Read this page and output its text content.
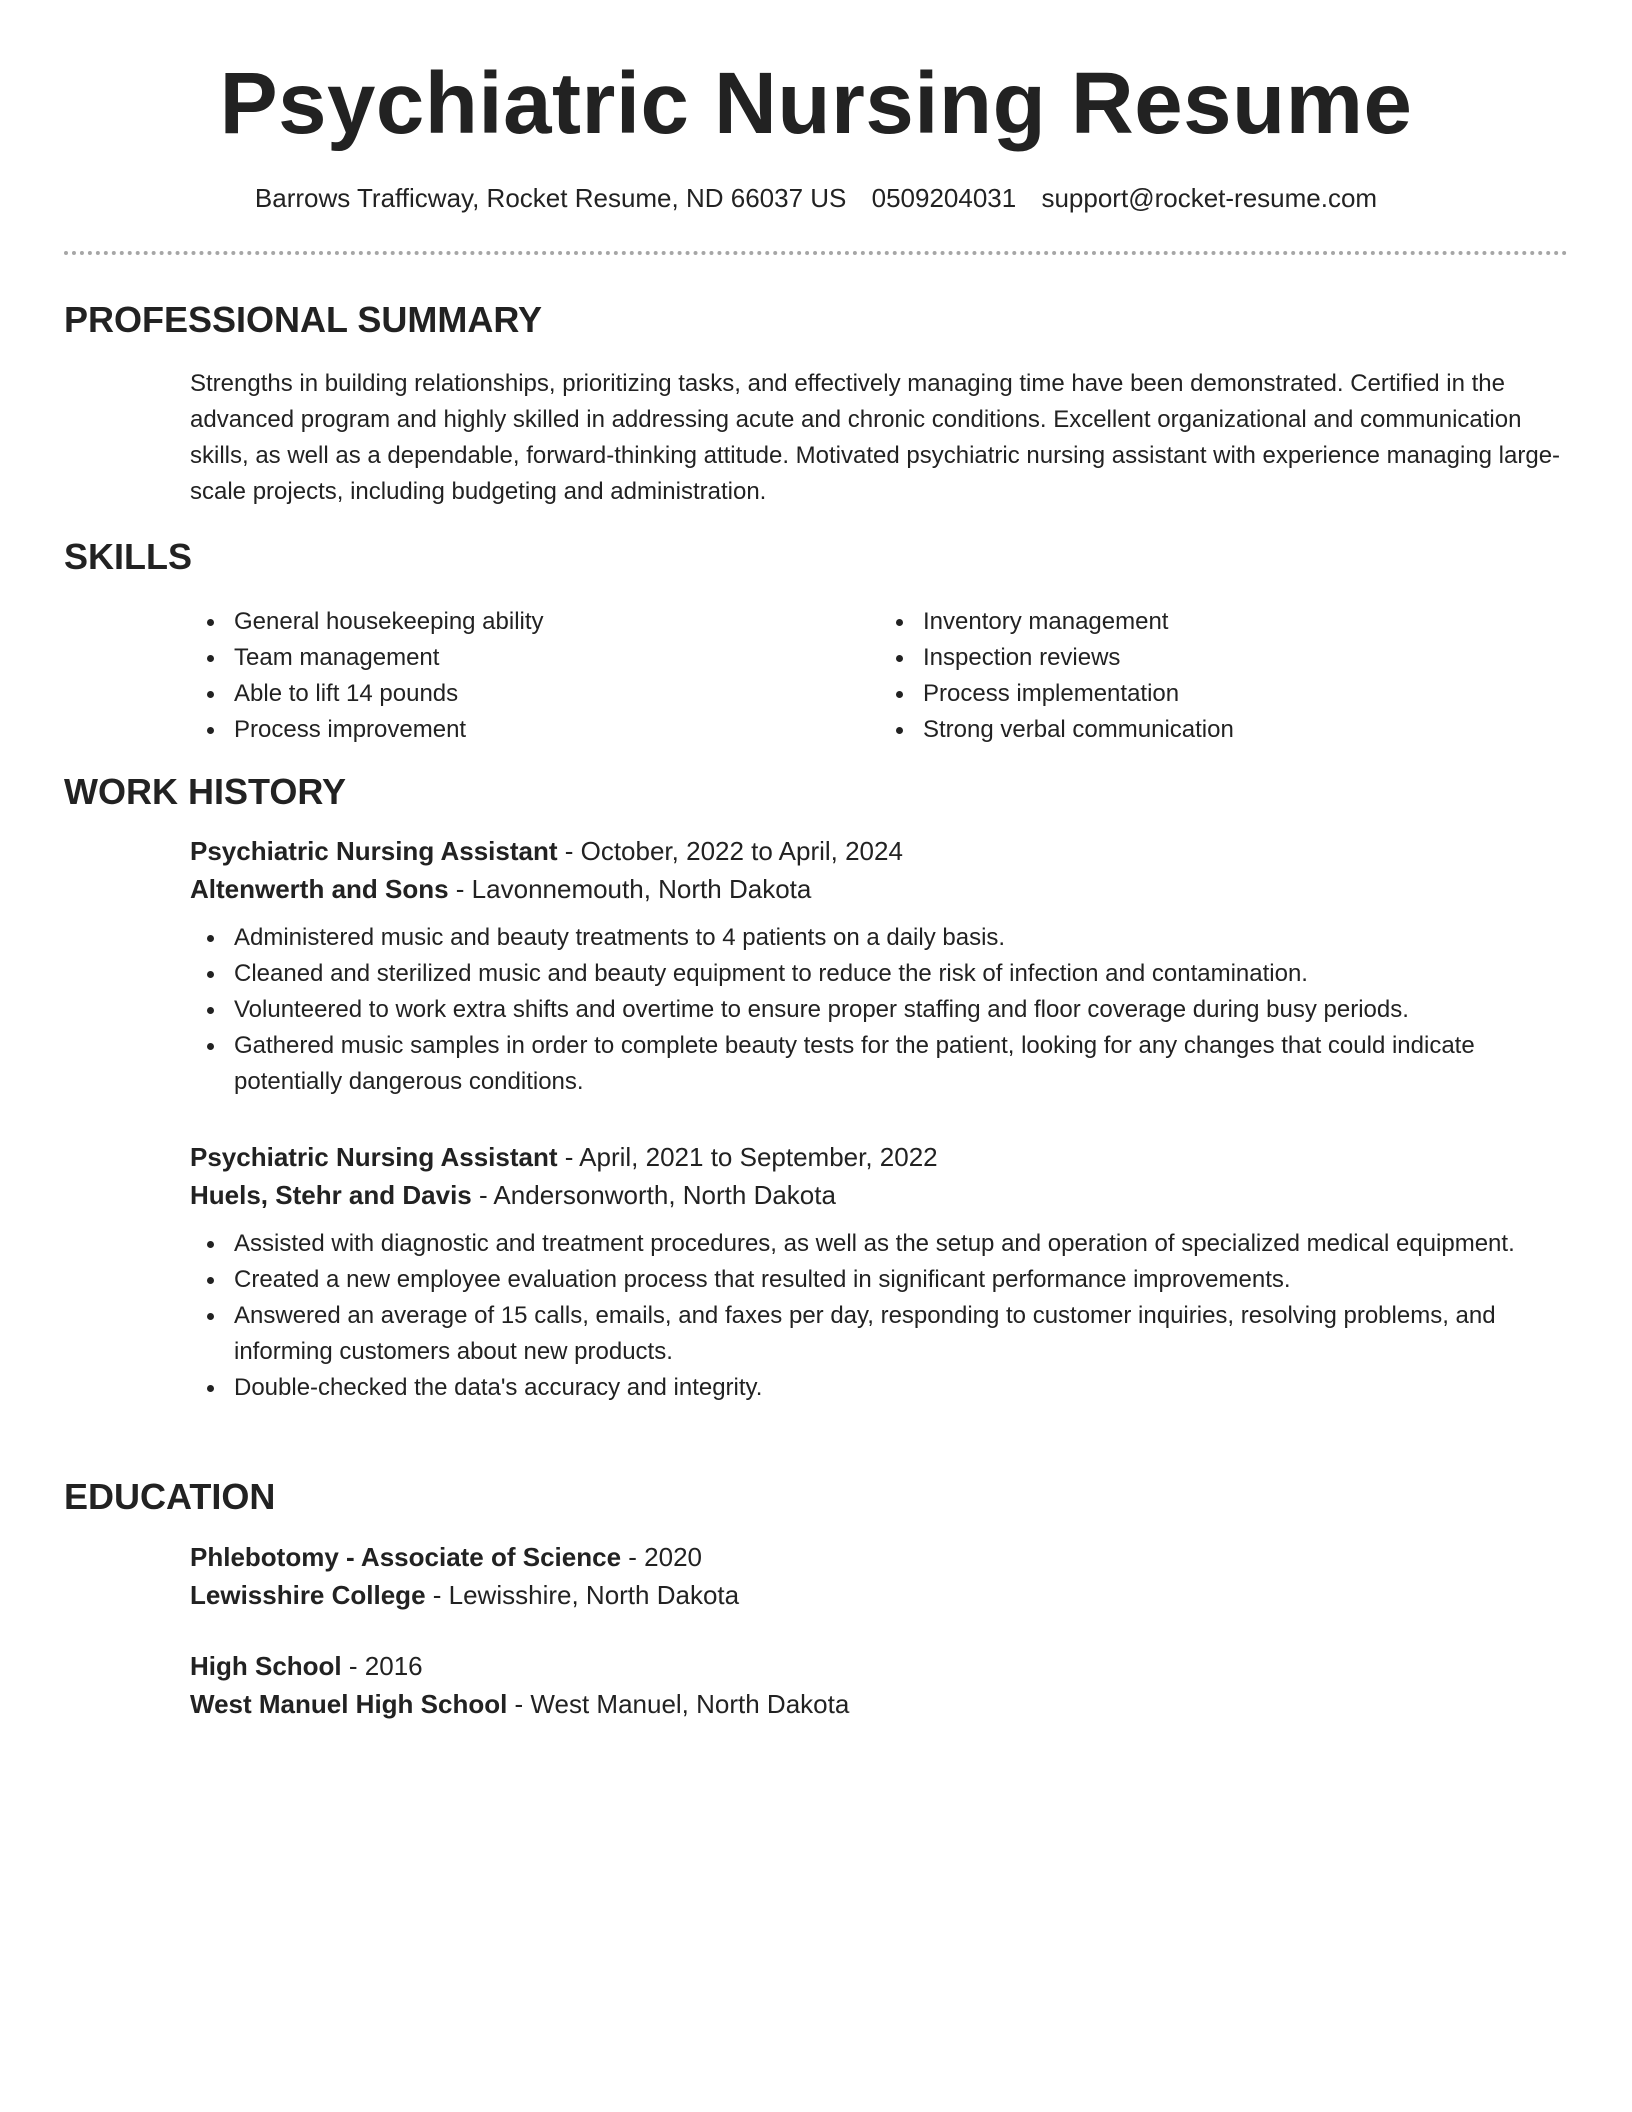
Psychiatric Nursing Resume
Barrows Trafficway, Rocket Resume, ND 66037 US 0509204031 support@rocket-resume.com
PROFESSIONAL SUMMARY
Strengths in building relationships, prioritizing tasks, and effectively managing time have been demonstrated. Certified in the advanced program and highly skilled in addressing acute and chronic conditions. Excellent organizational and communication skills, as well as a dependable, forward-thinking attitude. Motivated psychiatric nursing assistant with experience managing large-scale projects, including budgeting and administration.
SKILLS
General housekeeping ability
Team management
Able to lift 14 pounds
Process improvement
Inventory management
Inspection reviews
Process implementation
Strong verbal communication
WORK HISTORY
Psychiatric Nursing Assistant - October, 2022 to April, 2024
Altenwerth and Sons - Lavonnemouth, North Dakota
Administered music and beauty treatments to 4 patients on a daily basis.
Cleaned and sterilized music and beauty equipment to reduce the risk of infection and contamination.
Volunteered to work extra shifts and overtime to ensure proper staffing and floor coverage during busy periods.
Gathered music samples in order to complete beauty tests for the patient, looking for any changes that could indicate potentially dangerous conditions.
Psychiatric Nursing Assistant - April, 2021 to September, 2022
Huels, Stehr and Davis - Andersonworth, North Dakota
Assisted with diagnostic and treatment procedures, as well as the setup and operation of specialized medical equipment.
Created a new employee evaluation process that resulted in significant performance improvements.
Answered an average of 15 calls, emails, and faxes per day, responding to customer inquiries, resolving problems, and informing customers about new products.
Double-checked the data's accuracy and integrity.
EDUCATION
Phlebotomy - Associate of Science - 2020
Lewisshire College - Lewisshire, North Dakota
High School - 2016
West Manuel High School - West Manuel, North Dakota
